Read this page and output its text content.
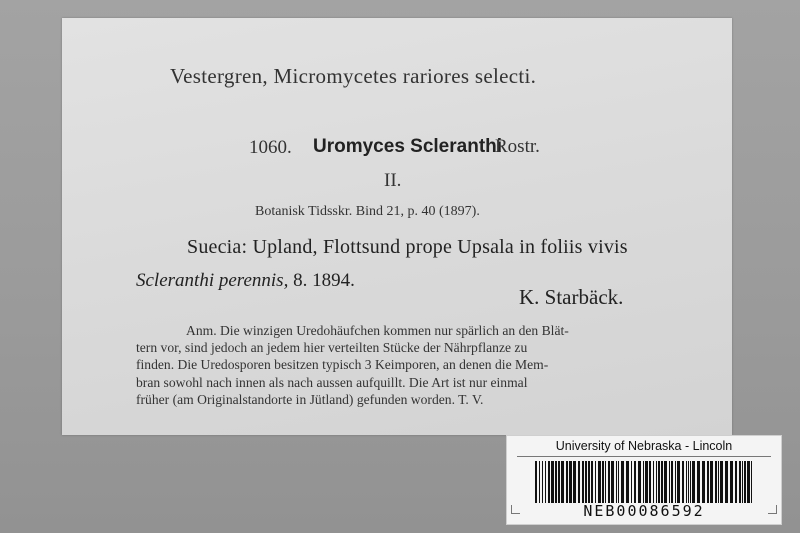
Vestergren, Micromycetes rariores selecti.
1060. Uromyces Scleranthi
Rostr.
II.
Botanisk Tidsskr. Bind 21, p. 40 (1897).
Suecia: Upland, Flottsund prope Upsala in foliis vivis
Scleranthi perennis, 8. 1894.
K. Starbäck.
Anm. Die winzigen Uredohäufchen kommen nur spärlich an den Blät-
tern vor, sind jedoch an jedem hier verteilten Stücke der Nährpflanze zu
finden. Die Uredosporen besitzen typisch 3 Keimporen, an denen die Mem-
bran sowohl nach innen als nach aussen aufquillt. Die Art ist nur einmal
früher (am Originalstandorte in Jütland) gefunden worden. T. V.
University of Nebraska - Lincoln
NEB00086592
